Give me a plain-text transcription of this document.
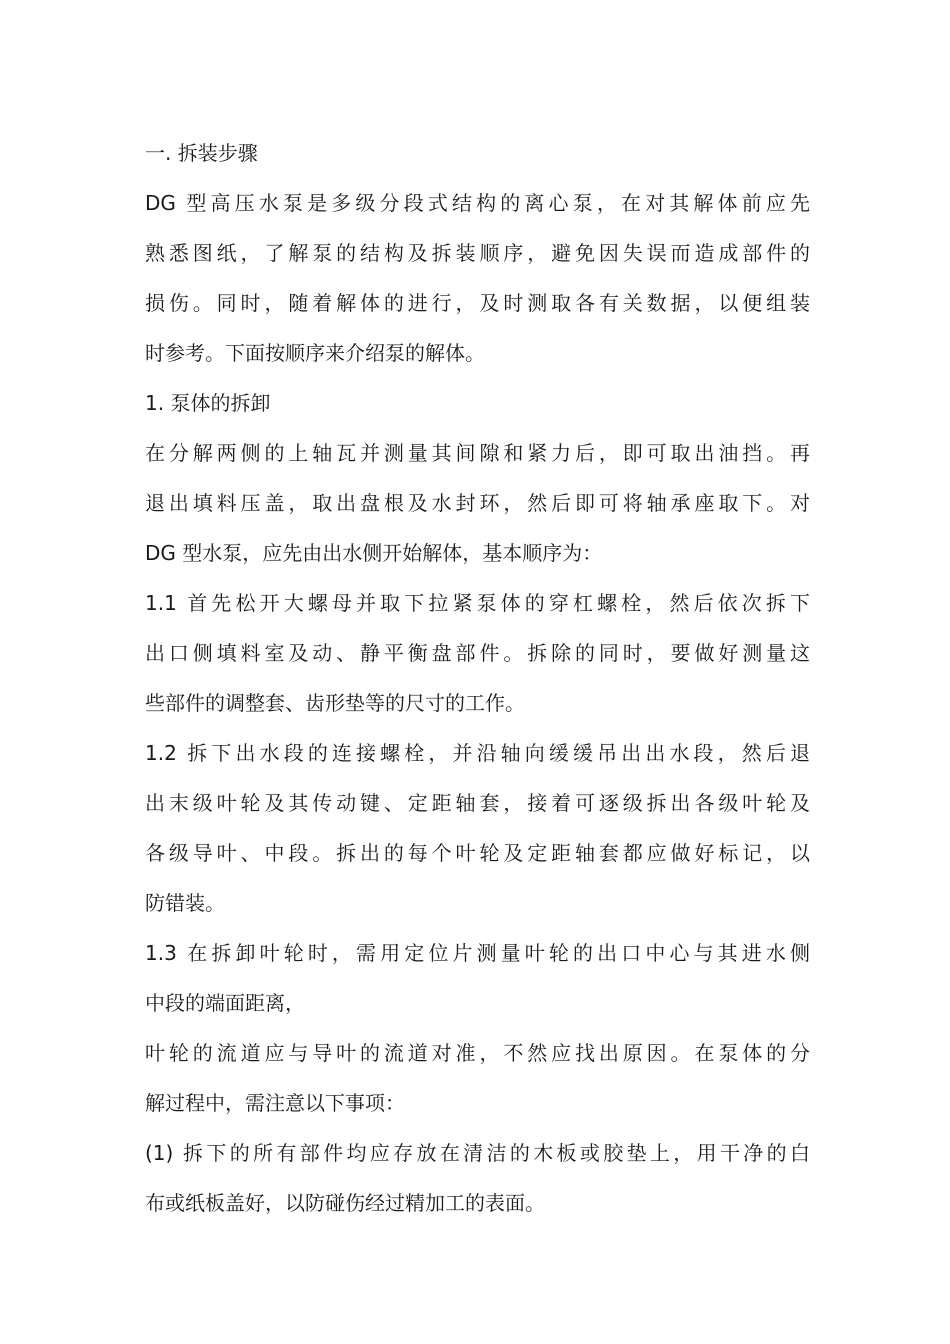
一. 拆装步骤
DG 型高压水泵是多级分段式结构的离心泵，在对其解体前应先
熟悉图纸，了解泵的结构及拆装顺序，避免因失误而造成部件的
损伤。同时，随着解体的进行，及时测取各有关数据，以便组装
时参考。下面按顺序来介绍泵的解体。
1. 泵体的拆卸
在分解两侧的上轴瓦并测量其间隙和紧力后，即可取出油挡。再
退出填料压盖，取出盘根及水封环，然后即可将轴承座取下。对
DG 型水泵，应先由出水侧开始解体，基本顺序为：
1.1 首先松开大螺母并取下拉紧泵体的穿杠螺栓，然后依次拆下
出口侧填料室及动、静平衡盘部件。拆除的同时，要做好测量这
些部件的调整套、齿形垫等的尺寸的工作。
1.2 拆下出水段的连接螺栓，并沿轴向缓缓吊出出水段，然后退
出末级叶轮及其传动键、定距轴套，接着可逐级拆出各级叶轮及
各级导叶、中段。拆出的每个叶轮及定距轴套都应做好标记，以
防错装。
1.3 在拆卸叶轮时，需用定位片测量叶轮的出口中心与其进水侧
中段的端面距离，
叶轮的流道应与导叶的流道对准，不然应找出原因。在泵体的分
解过程中，需注意以下事项：
(1) 拆下的所有部件均应存放在清洁的木板或胶垫上，用干净的白
布或纸板盖好，以防碰伤经过精加工的表面。
